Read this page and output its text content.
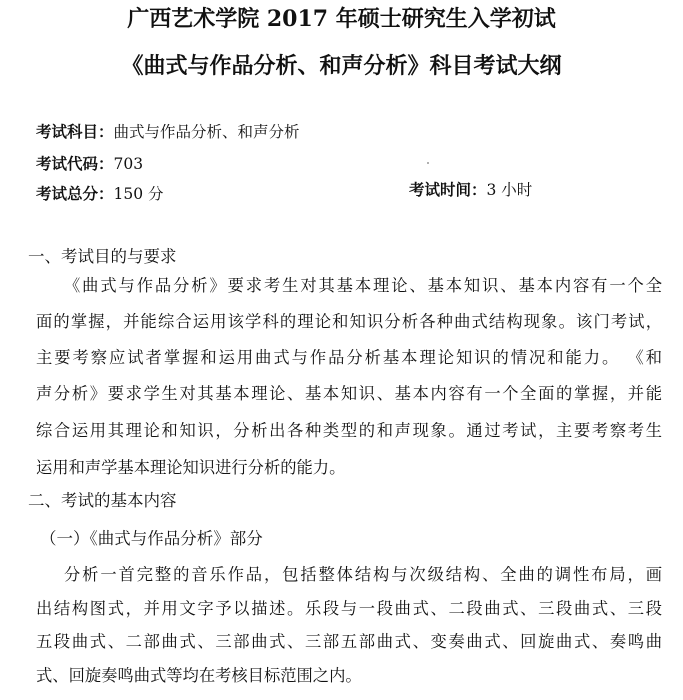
广西艺术学院 2017 年硕士研究生入学初试
《曲式与作品分析、和声分析》科目考试大纲
考试科目：曲式与作品分析、和声分析
考试代码：703
考试总分：150 分	考试时间：3 小时
一、考试目的与要求
《曲式与作品分析》要求考生对其基本理论、基本知识、基本内容有一个全
面的掌握，并能综合运用该学科的理论和知识分析各种曲式结构现象。该门考试，
主要考察应试者掌握和运用曲式与作品分析基本理论知识的情况和能力。 《和
声分析》要求学生对其基本理论、基本知识、基本内容有一个全面的掌握，并能
综合运用其理论和知识，分析出各种类型的和声现象。通过考试，主要考察考生
运用和声学基本理论知识进行分析的能力。
二、考试的基本内容
（一）《曲式与作品分析》部分
分析一首完整的音乐作品，包括整体结构与次级结构、全曲的调性布局，画
出结构图式，并用文字予以描述。乐段与一段曲式、二段曲式、三段曲式、三段
五段曲式、二部曲式、三部曲式、三部五部曲式、变奏曲式、回旋曲式、奏鸣曲
式、回旋奏鸣曲式等均在考核目标范围之内。
